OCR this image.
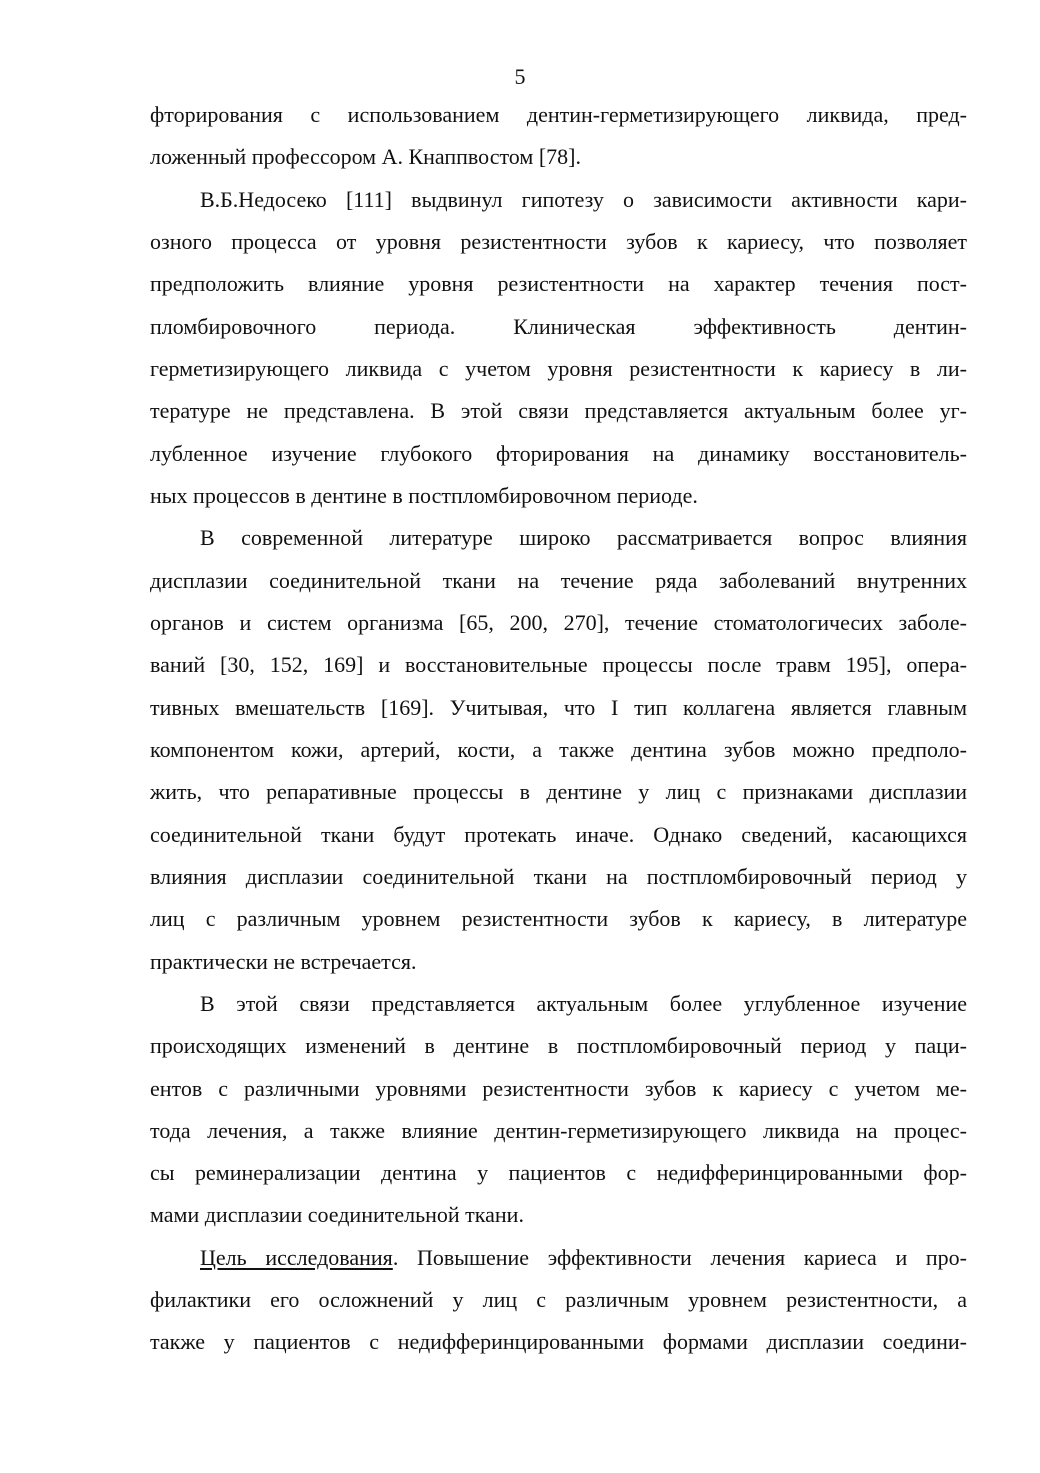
5
фторирования с использованием дентин-герметизирующего ликвида, пред-
ложенный профессором А. Кнаппвостом [78].
В.Б.Недосеко [111] выдвинул гипотезу о зависимости активности кари-
озного процесса от уровня резистентности зубов к кариесу, что позволяет
предположить влияние уровня резистентности на характер течения пост-
пломбировочного периода. Клиническая эффективность дентин-
герметизирующего ликвида с учетом уровня резистентности к кариесу в ли-
тературе не представлена. В этой связи представляется актуальным более уг-
лубленное изучение глубокого фторирования на динамику восстановитель-
ных процессов в дентине в постпломбировочном периоде.
В современной литературе широко рассматривается вопрос влияния
дисплазии соединительной ткани на течение ряда заболеваний внутренних
органов и систем организма [65, 200, 270], течение стоматологичесих заболе-
ваний [30, 152, 169] и восстановительные процессы после травм 195], опера-
тивных вмешательств [169]. Учитывая, что I тип коллагена является главным
компонентом кожи, артерий, кости, а также дентина зубов можно предполо-
жить, что репаративные процессы в дентине у лиц с признаками дисплазии
соединительной ткани будут протекать иначе. Однако сведений, касающихся
влияния дисплазии соединительной ткани на постпломбировочный период у
лиц с различным уровнем резистентности зубов к кариесу, в литературе
практически не встречается.
В этой связи представляется актуальным более углубленное изучение
происходящих изменений в дентине в постпломбировочный период у паци-
ентов с различными уровнями резистентности зубов к кариесу с учетом ме-
тода лечения, а также влияние дентин-герметизирующего ликвида на процес-
сы реминерализации дентина у пациентов с недифферинцированными фор-
мами дисплазии соединительной ткани.
Цель исследования. Повышение эффективности лечения кариеса и про-
филактики его осложнений у лиц с различным уровнем резистентности, а
также у пациентов с недифферинцированными формами дисплазии соедини-
